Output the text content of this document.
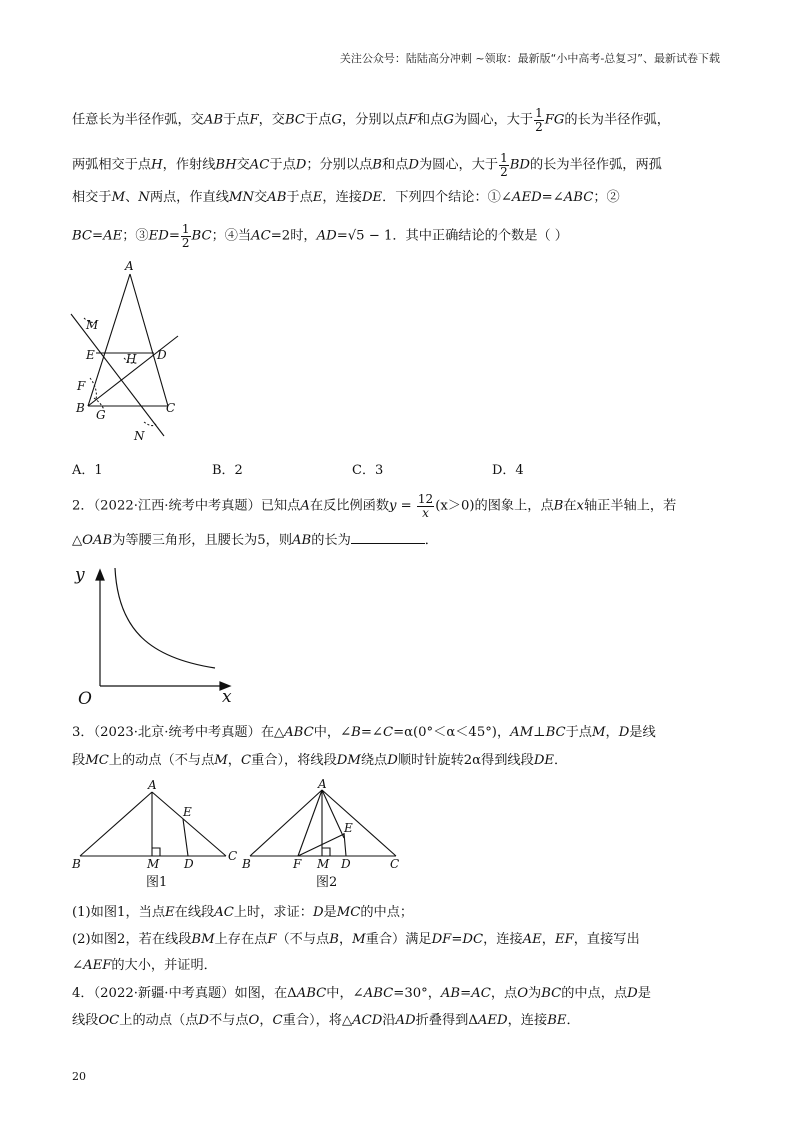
关注公众号：陆陆高分冲刺 ~领取：最新版“小中高考-总复习”、最新试卷下载
任意长为半径作弧，交AB于点F，交BC于点G，分别以点F和点G为圆心，大于 $\frac{1}{2}$ FG的长为半径作弧，
两弧相交于点H，作射线BH交AC于点D；分别以点B和点D为圆心，大于 $\frac{1}{2}$ BD的长为半径作弧，两孤
相交于M、N两点，作直线MN交AB于点E，连接DE．下列四个结论：①∠AED=∠ABC；②
BC=AE；③ED= $\frac{1}{2}$ BC；④当AC=2时，AD=√5 − 1．其中正确结论的个数是（ ）
A
M
E	H D
F
B G	C
N
A．1	B．2	C．3	D．4
2．（2022·江西·统考中考真题）已知点A在反比例函数$y = \frac{12}{x} (x>0)$的图象上，点B在x轴正半轴上，若
△OAB为等腰三角形，且腰长为5，则AB的长为	．
y
O	x
3．（2023·北京·统考中考真题）在△ABC中，∠B=∠C=α(0°＜α＜45°)，AM⊥BC于点M，D是线
段MC上的动点（不与点M，C重合），将线段DM绕点D顺时针旋转2α得到线段DE．
A
E
B	M D
C
图1
A
E
B	F M D	C
图2
(1)如图1，当点E在线段AC上时，求证：D是MC的中点；
(2)如图2，若在线段BM上存在点F（不与点B，M重合）满足DF=DC，连接AE，EF，直接写出
∠AEF的大小，并证明．
4．（2022·新疆·中考真题）如图，在ΔABC中，∠ABC=30°，AB=AC，点O为BC的中点，点D是
线段OC上的动点（点D不与点O，C重合），将△ACD沿AD折叠得到ΔAED，连接BE．
20
